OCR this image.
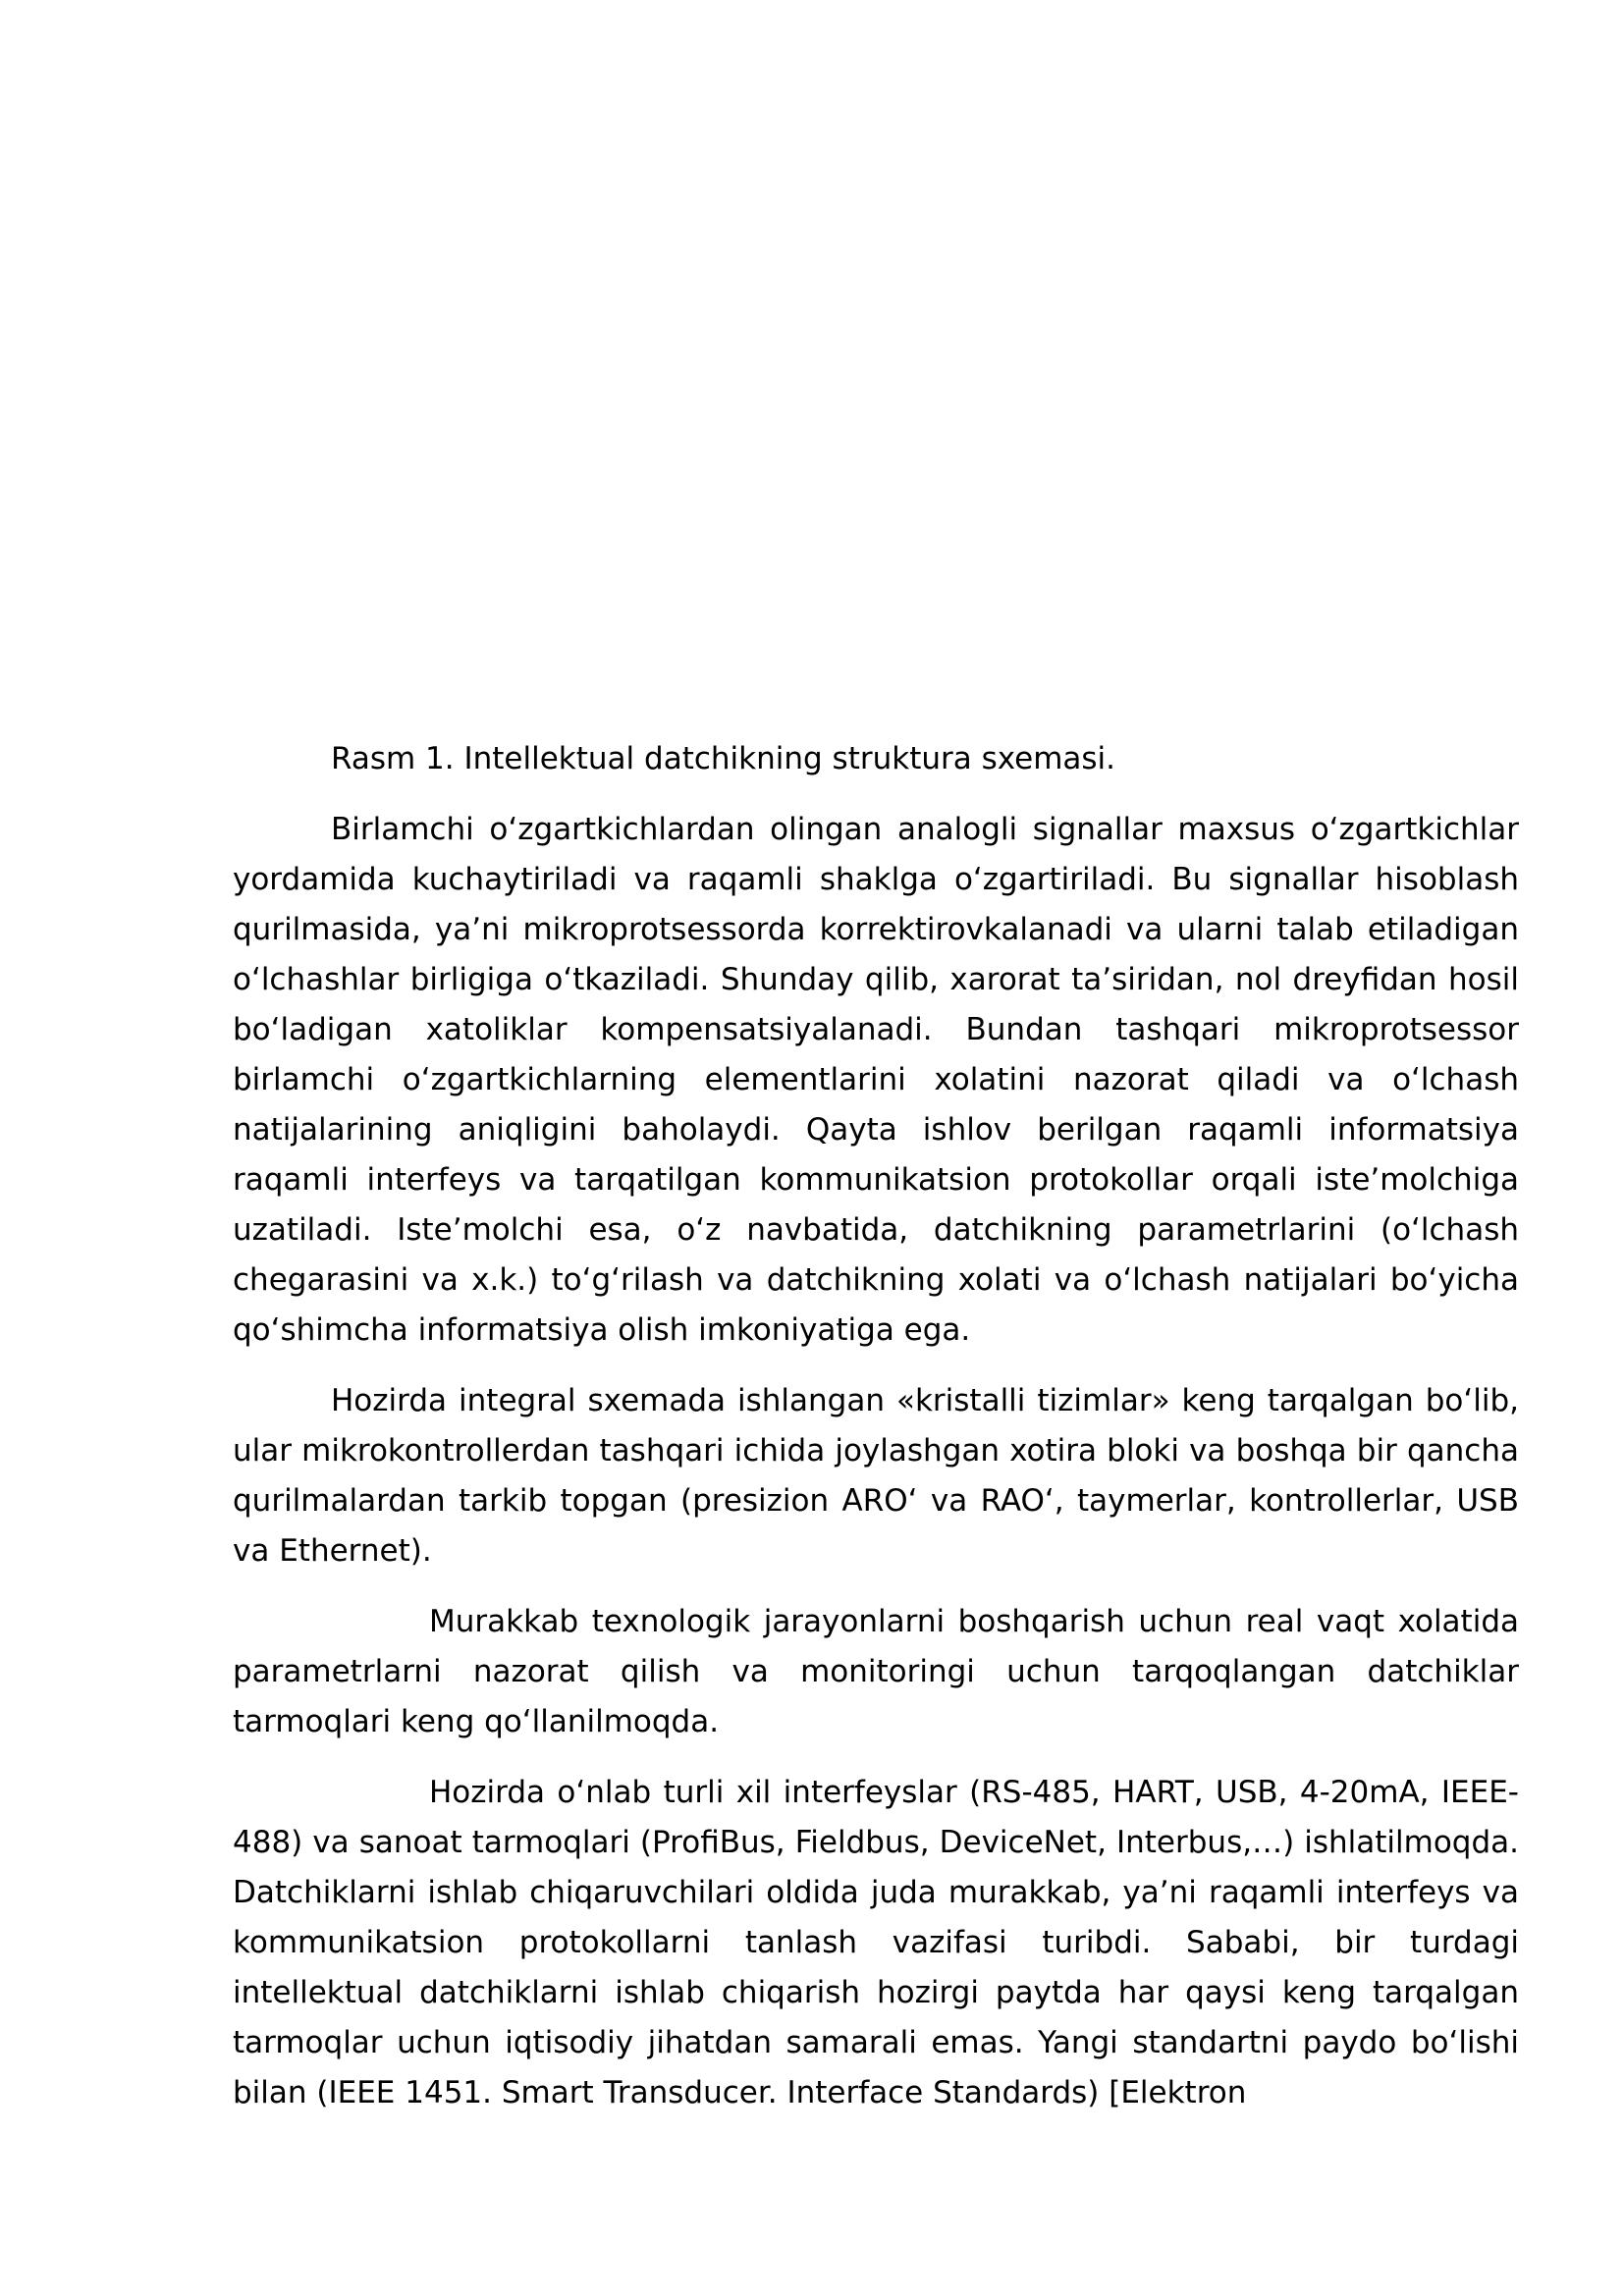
Rasm 1. Intellektual datchikning struktura sxemasi.

Birlamchi oʻzgartkichlardan olingan analogli signallar maxsus oʻzgartkichlar yordamida kuchaytiriladi va raqamli shaklga oʻzgartiriladi. Bu signallar hisoblash qurilmasida, ya’ni mikroprotsessorda korrektirovkalanadi va ularni talab etiladigan oʻlchashlar birligiga oʻtkaziladi. Shunday qilib, xarorat ta’siridan, nol dreyfidan hosil boʻladigan xatoliklar kompensatsiyalanadi. Bundan tashqari mikroprotsessor birlamchi oʻzgartkichlarning elementlarini xolatini nazorat qiladi va oʻlchash natijalarining aniqligini baholaydi. Qayta ishlov berilgan raqamli informatsiya raqamli interfeys va tarqatilgan kommunikatsion protokollar orqali iste’molchiga uzatiladi. Iste’molchi esa, oʻz navbatida, datchikning parametrlarini (oʻlchash chegarasini va x.k.) toʻgʻrilash va datchikning xolati va oʻlchash natijalari boʻyicha qoʻshimcha informatsiya olish imkoniyatiga ega.

Hozirda integral sxemada ishlangan «kristalli tizimlar» keng tarqalgan boʻlib, ular mikrokontrollerdan tashqari ichida joylashgan xotira bloki va boshqa bir qancha qurilmalardan tarkib topgan (presizion AROʻ va RAOʻ, taymerlar, kontrollerlar, USB va Ethernet).

Murakkab texnologik jarayonlarni boshqarish uchun real vaqt xolatida parametrlarni nazorat qilish va monitoringi uchun tarqoqlangan datchiklar tarmoqlari keng qoʻllanilmoqda.

Hozirda oʻnlab turli xil interfeyslar (RS-485, HART, USB, 4-20mA, IEEE-488) va sanoat tarmoqlari (ProfiBus, Fieldbus, DeviceNet, Interbus,…) ishlatilmoqda. Datchiklarni ishlab chiqaruvchilari oldida juda murakkab, ya’ni raqamli interfeys va kommunikatsion protokollarni tanlash vazifasi turibdi. Sababi, bir turdagi intellektual datchiklarni ishlab chiqarish hozirgi paytda har qaysi keng tarqalgan tarmoqlar uchun iqtisodiy jihatdan samarali emas. Yangi standartni paydo boʻlishi bilan (IEEE 1451. Smart Transducer. Interface Standards) [Elektron
